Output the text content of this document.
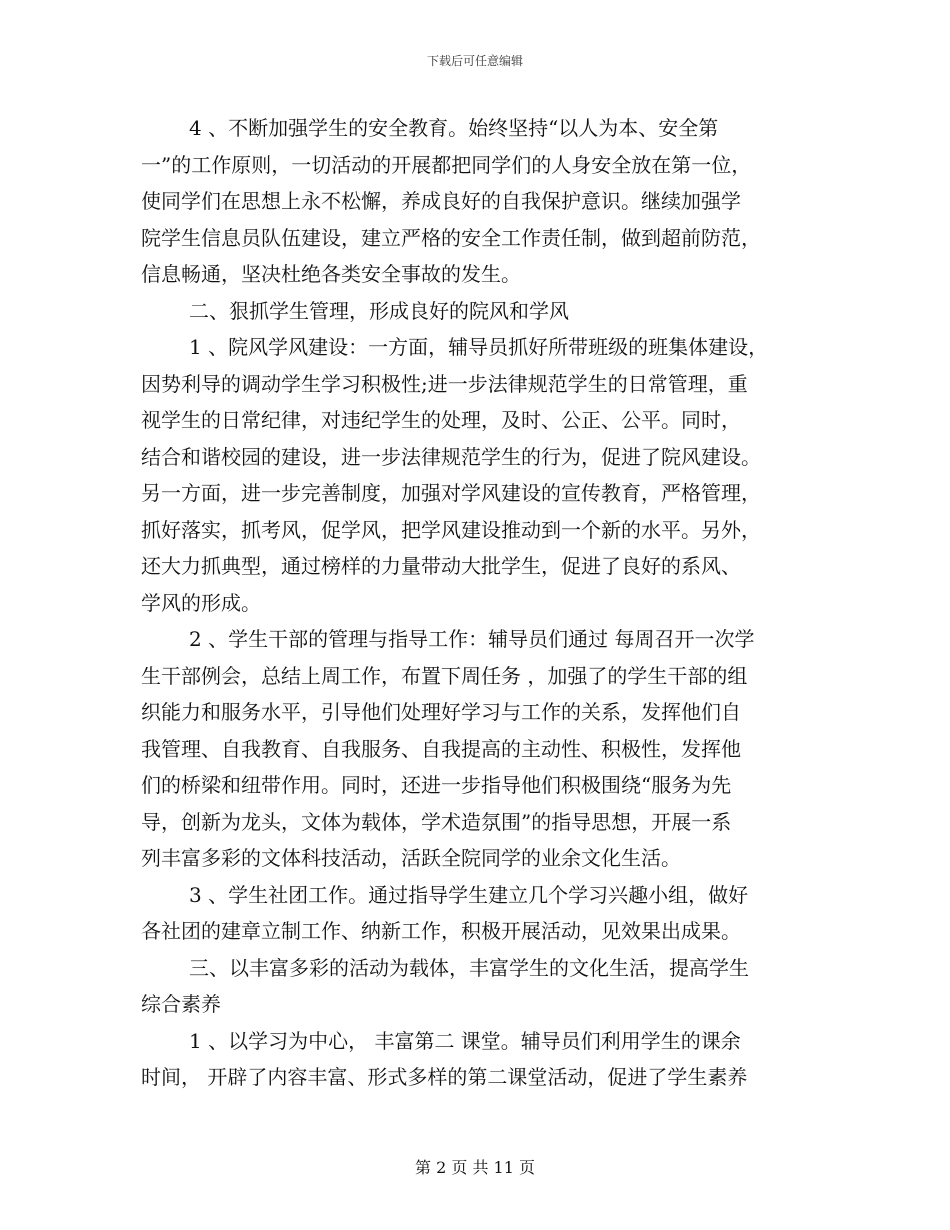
下载后可任意编辑
4 、不断加强学生的安全教育。始终坚持“以人为本、安全第
一”的工作原则，一切活动的开展都把同学们的人身安全放在第一位，
使同学们在思想上永不松懈，养成良好的自我保护意识。继续加强学
院学生信息员队伍建设，建立严格的安全工作责任制，做到超前防范，
信息畅通，坚决杜绝各类安全事故的发生。
二、狠抓学生管理，形成良好的院风和学风
1 、院风学风建设：一方面，辅导员抓好所带班级的班集体建设，
因势利导的调动学生学习积极性;进一步法律规范学生的日常管理，重
视学生的日常纪律，对违纪学生的处理，及时、公正、公平。同时，
结合和谐校园的建设，进一步法律规范学生的行为，促进了院风建设。
另一方面，进一步完善制度，加强对学风建设的宣传教育，严格管理，
抓好落实，抓考风，促学风，把学风建设推动到一个新的水平。另外，
还大力抓典型，通过榜样的力量带动大批学生，促进了良好的系风、
学风的形成。
2 、学生干部的管理与指导工作：辅导员们通过 每周召开一次学
生干部例会，总结上周工作，布置下周任务 ，加强了的学生干部的组
织能力和服务水平，引导他们处理好学习与工作的关系，发挥他们自
我管理、自我教育、自我服务、自我提高的主动性、积极性，发挥他
们的桥梁和纽带作用。同时，还进一步指导他们积极围绕“服务为先
导，创新为龙头，文体为载体，学术造氛围”的指导思想，开展一系
列丰富多彩的文体科技活动，活跃全院同学的业余文化生活。
3 、学生社团工作。通过指导学生建立几个学习兴趣小组，做好
各社团的建章立制工作、纳新工作，积极开展活动，见效果出成果。
三、以丰富多彩的活动为载体，丰富学生的文化生活，提高学生
综合素养
1 、以学习为中心， 丰富第二 课堂。辅导员们利用学生的课余
时间， 开辟了内容丰富、形式多样的第二课堂活动，促进了学生素养
第 2 页 共 11 页
